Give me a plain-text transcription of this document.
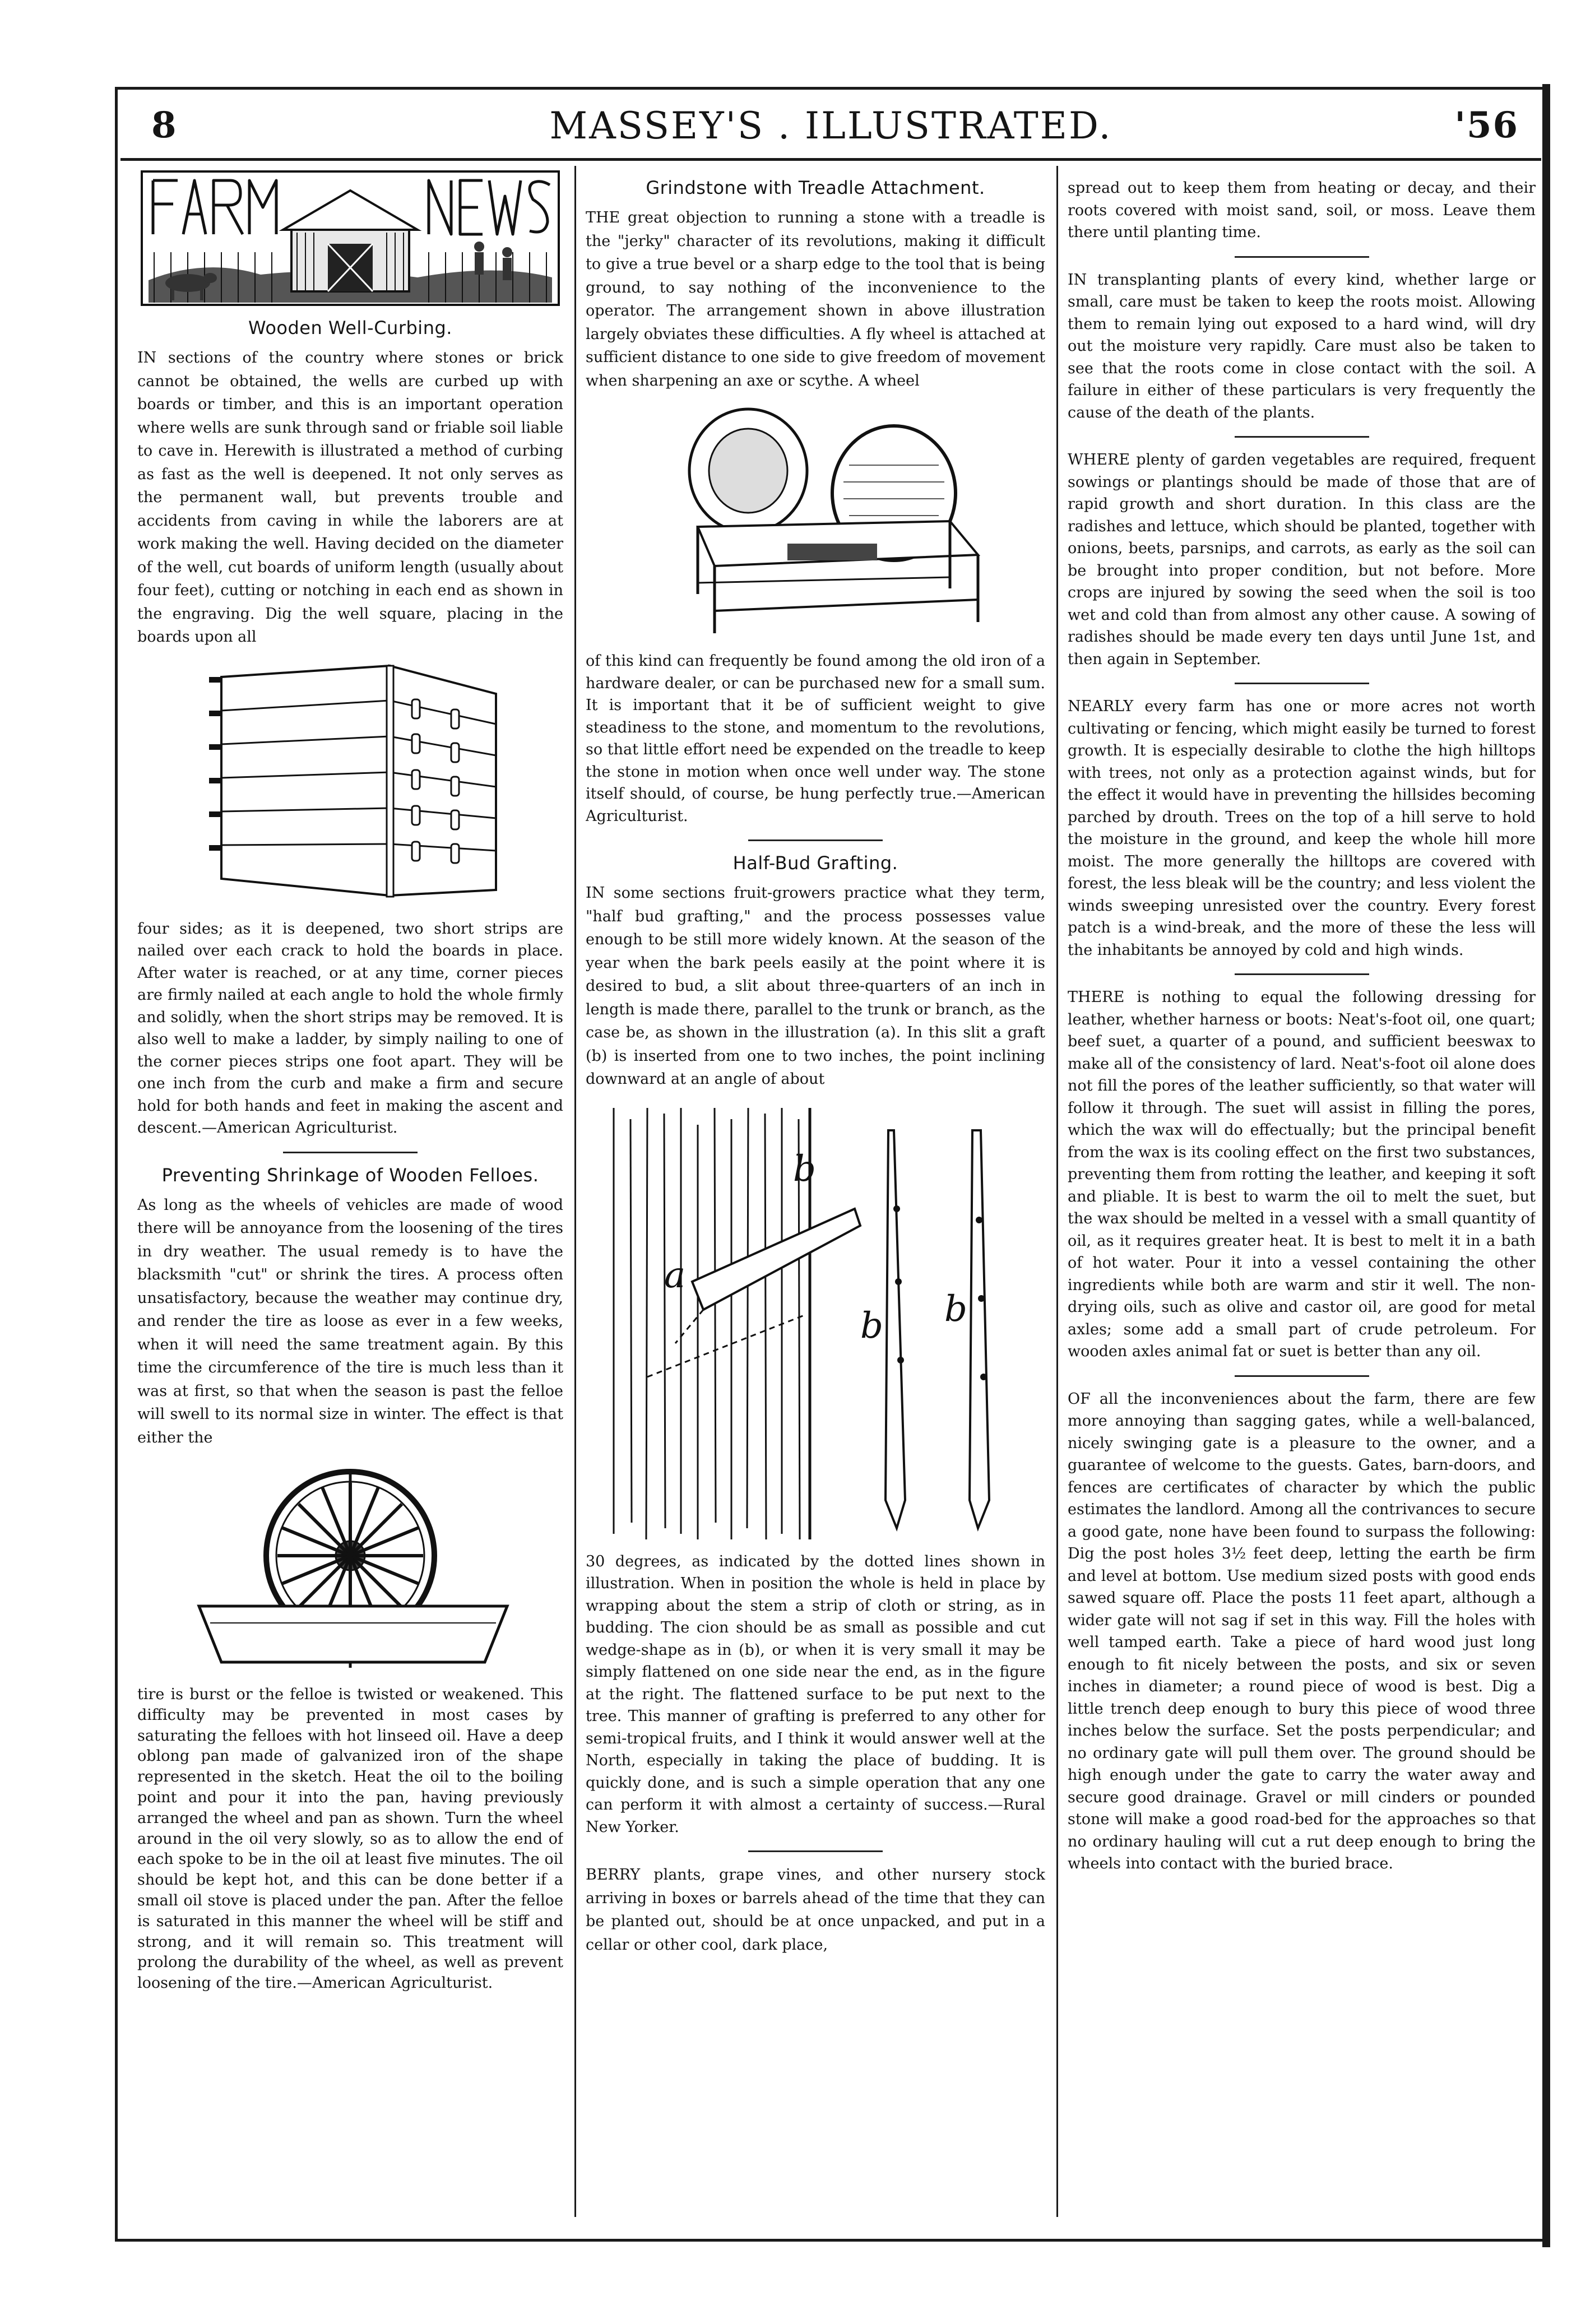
8	MASSEY'S . ILLUSTRATED.	'56
Wooden Well-Curbing.

IN sections of the country where stones or brick cannot be obtained, the wells are curbed up with boards or timber, and this is an important operation where wells are sunk through sand or friable soil liable to cave in. Herewith is illustrated a method of curbing as fast as the well is deepened. It not only serves as the permanent wall, but prevents trouble and accidents from caving in while the laborers are at work making the well. Having decided on the diameter of the well, cut boards of uniform length (usually about four feet), cutting or notching in each end as shown in the engraving. Dig the well square, placing in the boards upon all

four sides; as it is deepened, two short strips are nailed over each crack to hold the boards in place. After water is reached, or at any time, corner pieces are firmly nailed at each angle to hold the whole firmly and solidly, when the short strips may be removed. It is also well to make a ladder, by simply nailing to one of the corner pieces strips one foot apart. They will be one inch from the curb and make a firm and secure hold for both hands and feet in making the ascent and descent.—American Agriculturist.

Preventing Shrinkage of Wooden Felloes.

As long as the wheels of vehicles are made of wood there will be annoyance from the loosening of the tires in dry weather. The usual remedy is to have the blacksmith "cut" or shrink the tires. A process often unsatisfactory, because the weather may continue dry, and render the tire as loose as ever in a few weeks, when it will need the same treatment again. By this time the circumference of the tire is much less than it was at first, so that when the season is past the felloe will swell to its normal size in winter. The effect is that either the

tire is burst or the felloe is twisted or weakened. This difficulty may be prevented in most cases by saturating the felloes with hot linseed oil. Have a deep oblong pan made of galvanized iron of the shape represented in the sketch. Heat the oil to the boiling point and pour it into the pan, having previously arranged the wheel and pan as shown. Turn the wheel around in the oil very slowly, so as to allow the end of each spoke to be in the oil at least five minutes. The oil should be kept hot, and this can be done better if a small oil stove is placed under the pan. After the felloe is saturated in this manner the wheel will be stiff and strong, and it will remain so. This treatment will prolong the durability of the wheel, as well as prevent loosening of the tire.—American Agriculturist.

Grindstone with Treadle Attachment.

THE great objection to running a stone with a treadle is the "jerky" character of its revolutions, making it difficult to give a true bevel or a sharp edge to the tool that is being ground, to say nothing of the inconvenience to the operator. The arrangement shown in above illustration largely obviates these difficulties. A fly wheel is attached at sufficient distance to one side to give freedom of movement when sharpening an axe or scythe. A wheel

of this kind can frequently be found among the old iron of a hardware dealer, or can be purchased new for a small sum. It is important that it be of sufficient weight to give steadiness to the stone, and momentum to the revolutions, so that little effort need be expended on the treadle to keep the stone in motion when once well under way. The stone itself should, of course, be hung perfectly true.—American Agriculturist.

Half-Bud Grafting.

IN some sections fruit-growers practice what they term, "half bud grafting," and the process possesses value enough to be still more widely known. At the season of the year when the bark peels easily at the point where it is desired to bud, a slit about three-quarters of an inch in length is made there, parallel to the trunk or branch, as the case be, as shown in the illustration (a). In this slit a graft (b) is inserted from one to two inches, the point inclining downward at an angle of about

a
b
b b

30 degrees, as indicated by the dotted lines shown in illustration. When in position the whole is held in place by wrapping about the stem a strip of cloth or string, as in budding. The cion should be as small as possible and cut wedge-shape as in (b), or when it is very small it may be simply flattened on one side near the end, as in the figure at the right. The flattened surface to be put next to the tree. This manner of grafting is preferred to any other for semi-tropical fruits, and I think it would answer well at the North, especially in taking the place of budding. It is quickly done, and is such a simple operation that any one can perform it with almost a certainty of success.—Rural New Yorker.

BERRY plants, grape vines, and other nursery stock arriving in boxes or barrels ahead of the time that they can be planted out, should be at once unpacked, and put in a cellar or other cool, dark place,

spread out to keep them from heating or decay, and their roots covered with moist sand, soil, or moss. Leave them there until planting time.

IN transplanting plants of every kind, whether large or small, care must be taken to keep the roots moist. Allowing them to remain lying out exposed to a hard wind, will dry out the moisture very rapidly. Care must also be taken to see that the roots come in close contact with the soil. A failure in either of these particulars is very frequently the cause of the death of the plants.

WHERE plenty of garden vegetables are required, frequent sowings or plantings should be made of those that are of rapid growth and short duration. In this class are the radishes and lettuce, which should be planted, together with onions, beets, parsnips, and carrots, as early as the soil can be brought into proper condition, but not before. More crops are injured by sowing the seed when the soil is too wet and cold than from almost any other cause. A sowing of radishes should be made every ten days until June 1st, and then again in September.

NEARLY every farm has one or more acres not worth cultivating or fencing, which might easily be turned to forest growth. It is especially desirable to clothe the high hilltops with trees, not only as a protection against winds, but for the effect it would have in preventing the hillsides becoming parched by drouth. Trees on the top of a hill serve to hold the moisture in the ground, and keep the whole hill more moist. The more generally the hilltops are covered with forest, the less bleak will be the country; and less violent the winds sweeping unresisted over the country. Every forest patch is a wind-break, and the more of these the less will the inhabitants be annoyed by cold and high winds.

THERE is nothing to equal the following dressing for leather, whether harness or boots: Neat's-foot oil, one quart; beef suet, a quarter of a pound, and sufficient beeswax to make all of the consistency of lard. Neat's-foot oil alone does not fill the pores of the leather sufficiently, so that water will follow it through. The suet will assist in filling the pores, which the wax will do effectually; but the principal benefit from the wax is its cooling effect on the first two substances, preventing them from rotting the leather, and keeping it soft and pliable. It is best to warm the oil to melt the suet, but the wax should be melted in a vessel with a small quantity of oil, as it requires greater heat. It is best to melt it in a bath of hot water. Pour it into a vessel containing the other ingredients while both are warm and stir it well. The non-drying oils, such as olive and castor oil, are good for metal axles; some add a small part of crude petroleum. For wooden axles animal fat or suet is better than any oil.

OF all the inconveniences about the farm, there are few more annoying than sagging gates, while a well-balanced, nicely swinging gate is a pleasure to the owner, and a guarantee of welcome to the guests. Gates, barn-doors, and fences are certificates of character by which the public estimates the landlord. Among all the contrivances to secure a good gate, none have been found to surpass the following: Dig the post holes 3½ feet deep, letting the earth be firm and level at bottom. Use medium sized posts with good ends sawed square off. Place the posts 11 feet apart, although a wider gate will not sag if set in this way. Fill the holes with well tamped earth. Take a piece of hard wood just long enough to fit nicely between the posts, and six or seven inches in diameter; a round piece of wood is best. Dig a little trench deep enough to bury this piece of wood three inches below the surface. Set the posts perpendicular; and no ordinary gate will pull them over. The ground should be high enough under the gate to carry the water away and secure good drainage. Gravel or mill cinders or pounded stone will make a good road-bed for the approaches so that no ordinary hauling will cut a rut deep enough to bring the wheels into contact with the buried brace.
